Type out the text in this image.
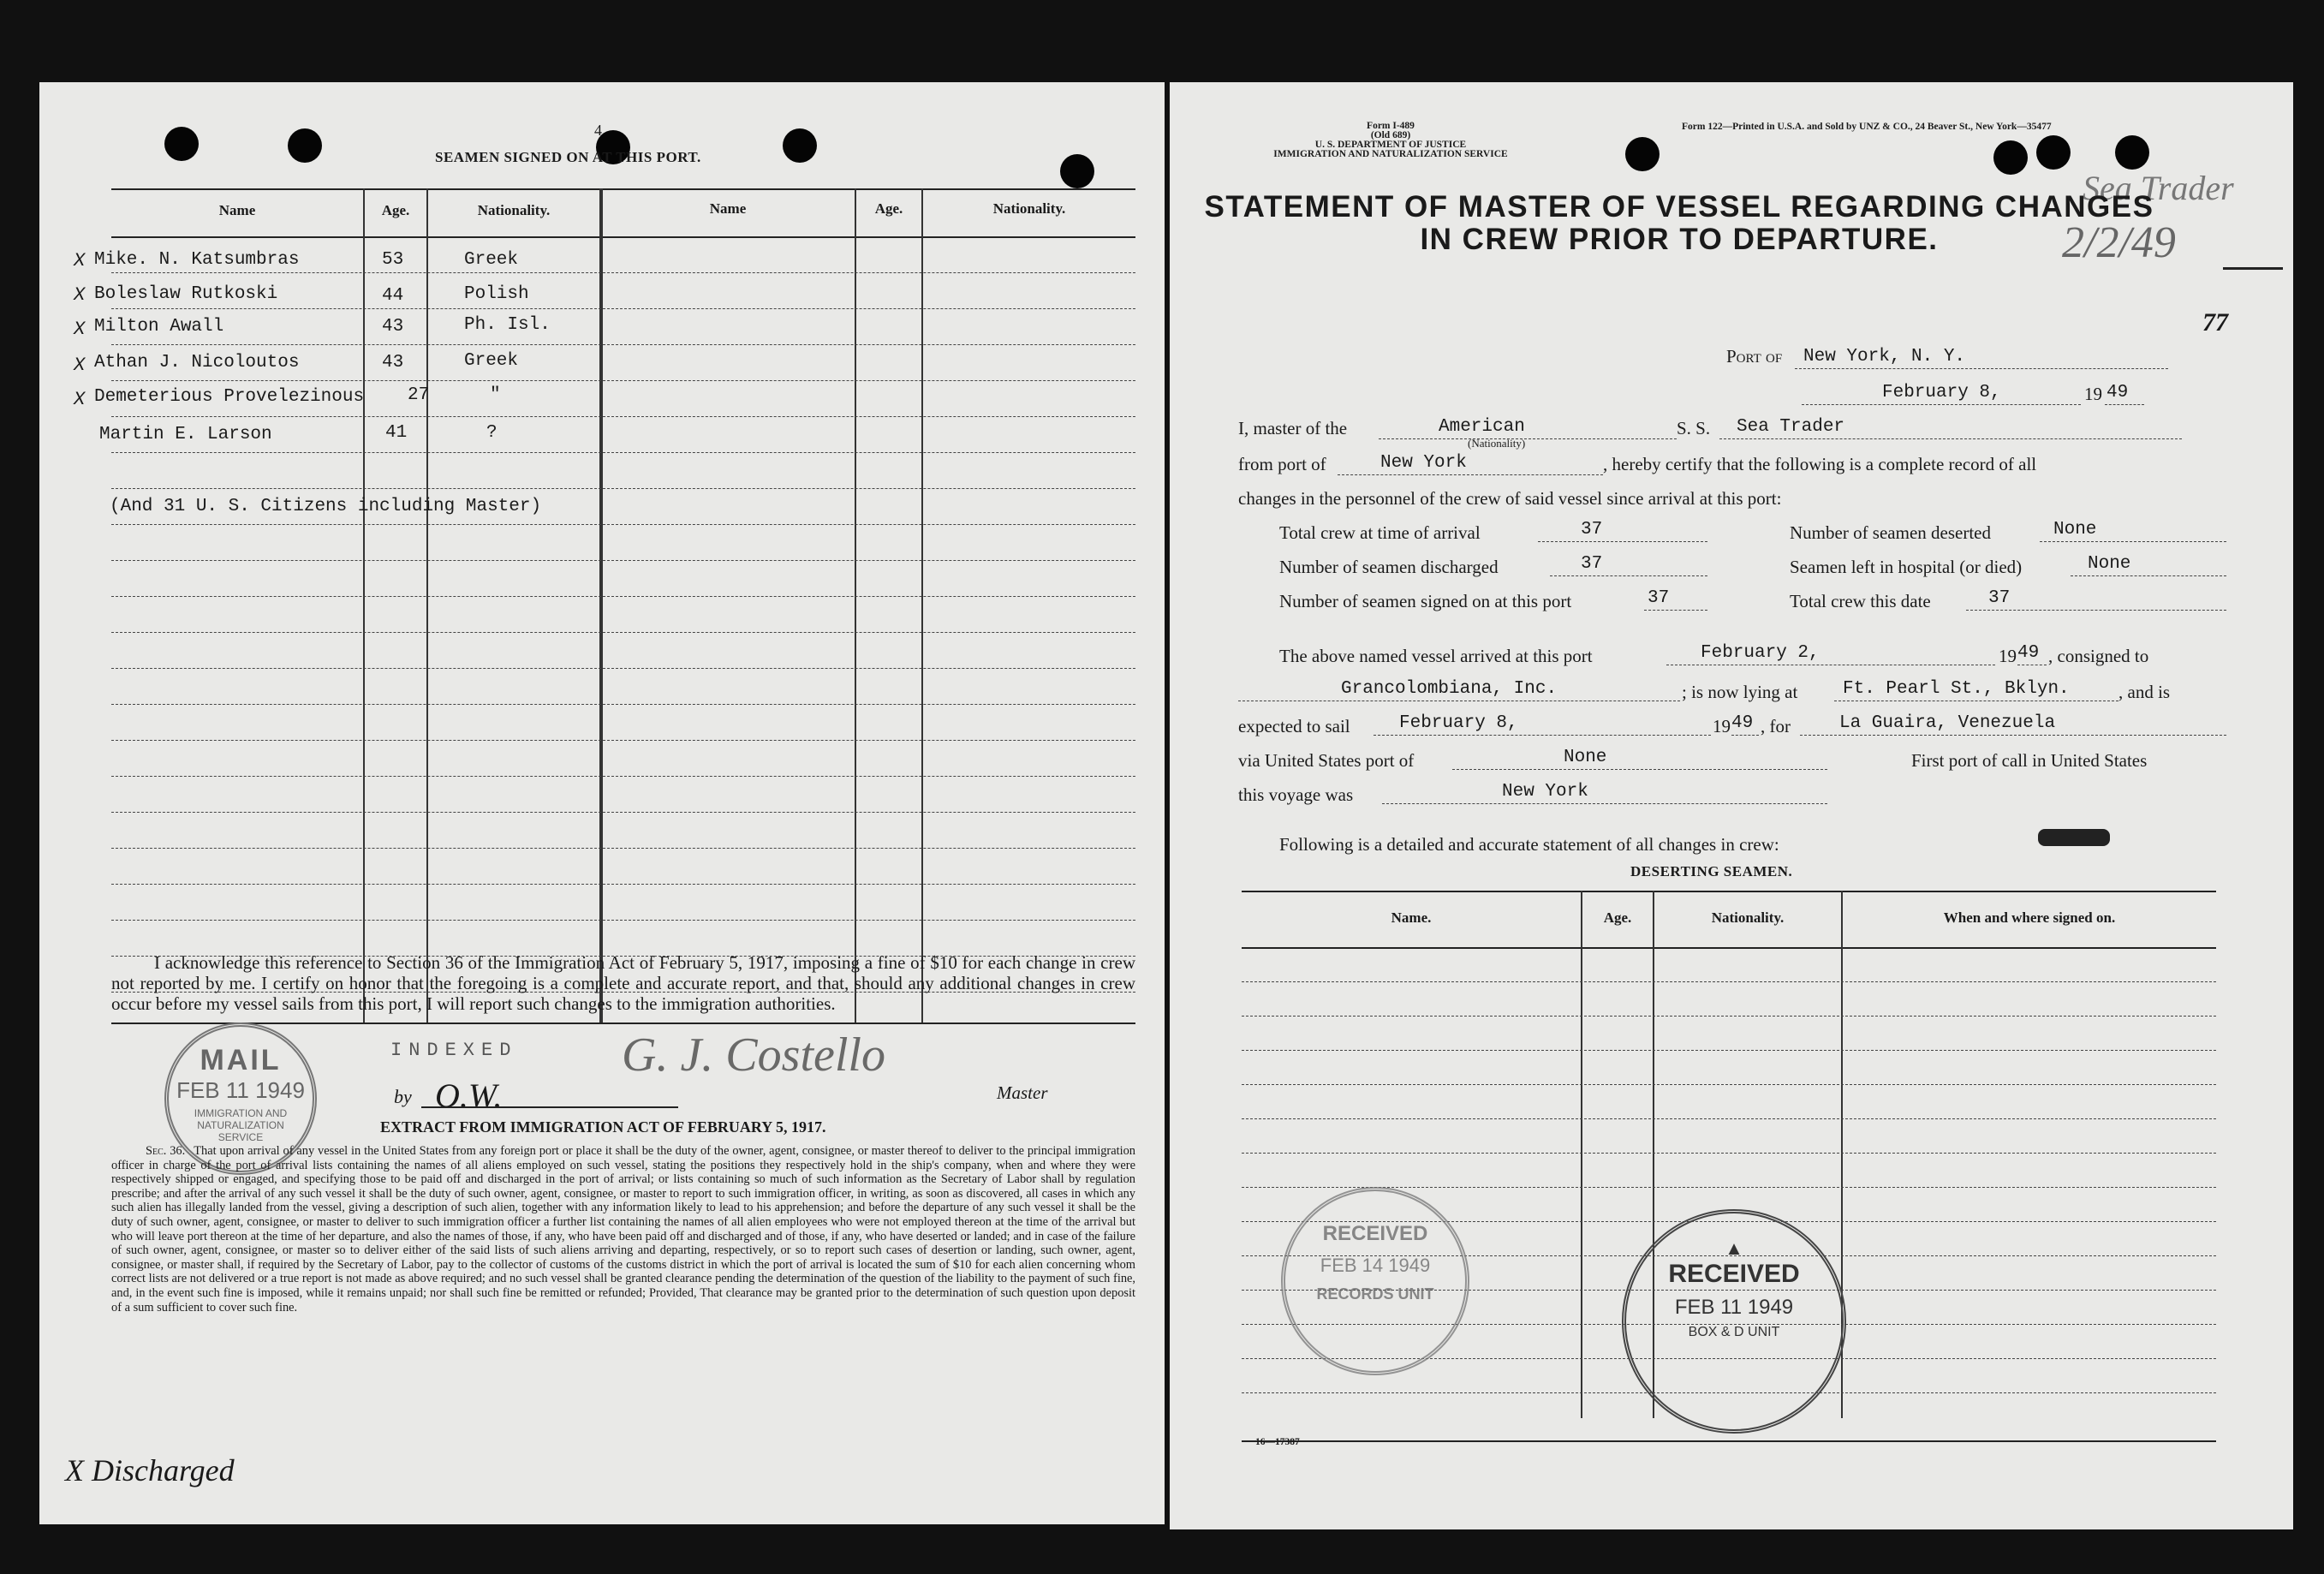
4
SEAMEN SIGNED ON AT THIS PORT.
Name	Age.	Nationality.	Name	Age.	Nationality.
X Mike. N. Katsumbras	53	Greek
X Boleslaw Rutkoski	44	Polish
X Milton Awall	43	Ph. Isl.
X Athan J. Nicoloutos	43	Greek
X Demeterious Provelezinous 27	"
Martin E. Larson	41	?
(And 31 U. S. Citizens including Master)
I acknowledge this reference to Section 36 of the Immigration Act of February 5, 1917, imposing a fine of $10 for each change in crew not reported by me. I certify on honor that the foregoing is a complete and accurate report, and that, should any additional changes in crew occur before my vessel sails from this port, I will report such changes to the immigration authorities.
INDEXED
by O.W.
G. J. Costello
Master
MAIL
FEB 11 1949
IMMIGRATION AND NATURALIZATION SERVICE
EXTRACT FROM IMMIGRATION ACT OF FEBRUARY 5, 1917.
Sec. 36. That upon arrival of any vessel in the United States from any foreign port or place it shall be the duty of the owner, agent, consignee, or master thereof to deliver to the principal immigration officer in charge of the port of arrival lists containing the names of all aliens employed on such vessel, stating the positions they respectively hold in the ship's company, when and where they were respectively shipped or engaged, and specifying those to be paid off and discharged in the port of arrival; or lists containing so much of such information as the Secretary of Labor shall by regulation prescribe; and after the arrival of any such vessel it shall be the duty of such owner, agent, consignee, or master to report to such immigration officer, in writing, as soon as discovered, all cases in which any such alien has illegally landed from the vessel, giving a description of such alien, together with any information likely to lead to his apprehension; and before the departure of any such vessel it shall be the duty of such owner, agent, consignee, or master to deliver to such immigration officer a further list containing the names of all alien employees who were not employed thereon at the time of the arrival but who will leave port thereon at the time of her departure, and also the names of those, if any, who have been paid off and discharged and of those, if any, who have deserted or landed; and in case of the failure of such owner, agent, consignee, or master so to deliver either of the said lists of such aliens arriving and departing, respectively, or so to report such cases of desertion or landing, such owner, agent, consignee, or master shall, if required by the Secretary of Labor, pay to the collector of customs of the customs district in which the port of arrival is located the sum of $10 for each alien concerning whom correct lists are not delivered or a true report is not made as above required; and no such vessel shall be granted clearance pending the determination of the question of the liability to the payment of such fine, and, in the event such fine is imposed, while it remains unpaid; nor shall such fine be remitted or refunded; Provided, That clearance may be granted prior to the determination of such question upon deposit of a sum sufficient to cover such fine.
X Discharged
Form I-489
(Old 689)
U. S. DEPARTMENT OF JUSTICE
IMMIGRATION AND NATURALIZATION SERVICE
Form 122—Printed in U.S.A. and Sold by UNZ & CO., 24 Beaver St., New York—35477
Sea Trader
2/2/49
77
STATEMENT OF MASTER OF VESSEL REGARDING CHANGES
IN CREW PRIOR TO DEPARTURE.
Port of New York, N. Y.
February 8,	19 49
I, master of the	American
(Nationality)
S. S. Sea Trader
from port of	New York	, hereby certify that the following is a complete record of all
changes in the personnel of the crew of said vessel since arrival at this port:
Total crew at time of arrival	37	Number of seamen deserted	None
Number of seamen discharged	37	Seamen left in hospital (or died)	None
Number of seamen signed on at this port	37	Total crew this date	37
The above named vessel arrived at this port	February 2,	19 49 , consigned to
Grancolombiana, Inc.	; is now lying at	Ft. Pearl St., Bklyn.	, and is
expected to sail	February 8,	19 49 , for	La Guaira, Venezuela
via United States port of	None	First port of call in United States
this voyage was	New York
Following is a detailed and accurate statement of all changes in crew:
DESERTING SEAMEN.
Name.	Age.	Nationality.	When and where signed on.
RECEIVED
FEB 14 1949
RECORDS UNIT
▲
RECEIVED
FEB 11 1949
BOX & D UNIT
16—17387
